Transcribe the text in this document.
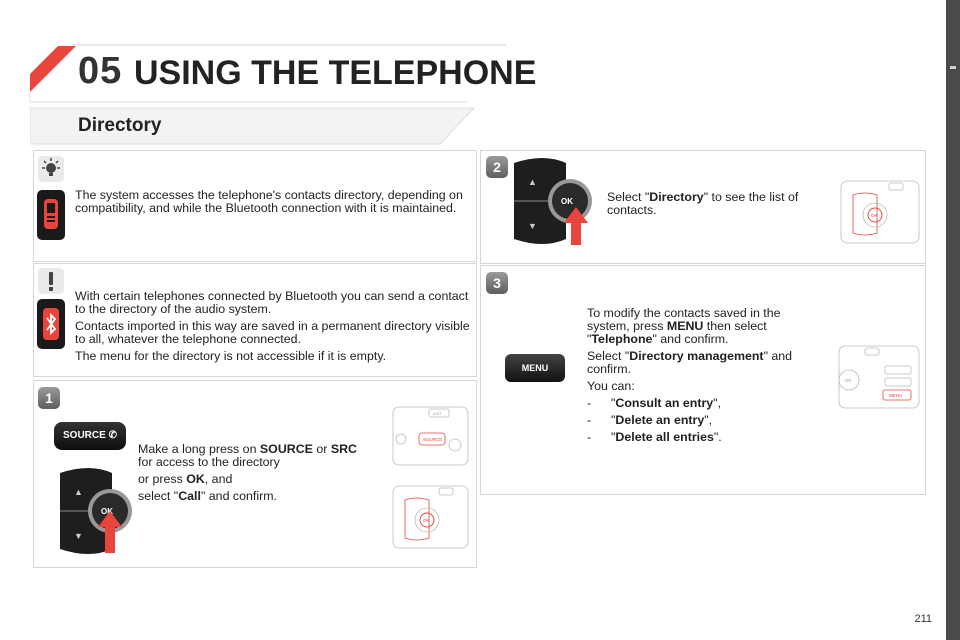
05 USING THE TELEPHONE
Directory
The system accesses the telephone's contacts directory, depending on compatibility, and while the Bluetooth connection with it is maintained.

With certain telephones connected by Bluetooth you can send a contact to the directory of the audio system.

Contacts imported in this way are saved in a permanent directory visible to all, whatever the telephone connected.

The menu for the directory is not accessible if it is empty.

1
SOURCE ✆
▲
▼
OK

Make a long press on SOURCE or SRC for access to the directory

or press OK, and

select "Call" and confirm.

LIST
SOURCE
OK
2
▲
▼
OK	Select "Directory" to see the list of contacts.	OK
3
MENU

To modify the contacts saved in the system, press MENU then select "Telephone" and confirm.

Select "Directory management" and confirm.

You can:

- "Consult an entry",

- "Delete an entry",

- "Delete all entries".

OK
MENU
211
